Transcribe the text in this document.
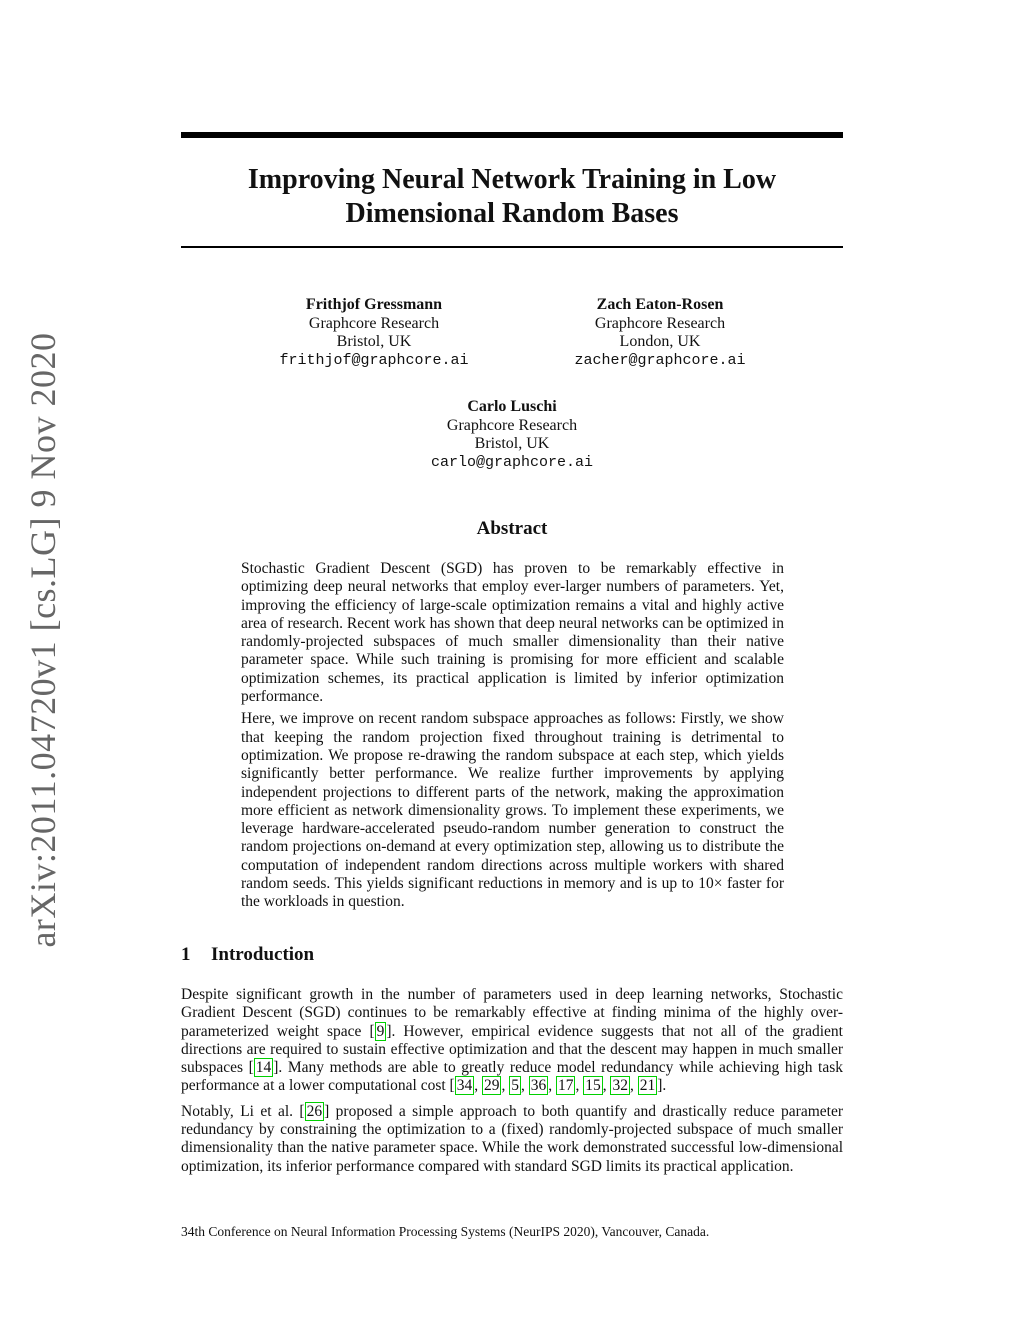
arXiv:2011.04720v1 [cs.LG] 9 Nov 2020
Improving Neural Network Training in Low
Dimensional Random Bases
Frithjof Gressmann
Graphcore Research
Bristol, UK
frithjof@graphcore.ai
Zach Eaton-Rosen
Graphcore Research
London, UK
zacher@graphcore.ai
Carlo Luschi
Graphcore Research
Bristol, UK
carlo@graphcore.ai
Abstract

Stochastic Gradient Descent (SGD) has proven to be remarkably effective in optimizing deep neural networks that employ ever-larger numbers of parameters. Yet, improving the efficiency of large-scale optimization remains a vital and highly active area of research. Recent work has shown that deep neural networks can be optimized in randomly-projected subspaces of much smaller dimensionality than their native parameter space. While such training is promising for more efficient and scalable optimization schemes, its practical application is limited by inferior optimization performance.

Here, we improve on recent random subspace approaches as follows: Firstly, we show that keeping the random projection fixed throughout training is detrimental to optimization. We propose re-drawing the random subspace at each step, which yields significantly better performance. We realize further improvements by applying independent projections to different parts of the network, making the approximation more efficient as network dimensionality grows. To implement these experiments, we leverage hardware-accelerated pseudo-random number generation to construct the random projections on-demand at every optimization step, allowing us to distribute the computation of independent random directions across multiple workers with shared random seeds. This yields significant reductions in memory and is up to 10× faster for the workloads in question.

1 Introduction

Despite significant growth in the number of parameters used in deep learning networks, Stochastic Gradient Descent (SGD) continues to be remarkably effective at finding minima of the highly over-parameterized weight space [ 9 ]. However, empirical evidence suggests that not all of the gradient directions are required to sustain effective optimization and that the descent may happen in much smaller subspaces [ 14 ]. Many methods are able to greatly reduce model redundancy while achieving high task performance at a lower computational cost [ 34 , 29 , 5 , 36 , 17 , 15 , 32 , 21 ].

Notably, Li et al. [ 26 ] proposed a simple approach to both quantify and drastically reduce parameter redundancy by constraining the optimization to a (fixed) randomly-projected subspace of much smaller dimensionality than the native parameter space. While the work demonstrated successful low-dimensional optimization, its inferior performance compared with standard SGD limits its practical application.

34th Conference on Neural Information Processing Systems (NeurIPS 2020), Vancouver, Canada.
